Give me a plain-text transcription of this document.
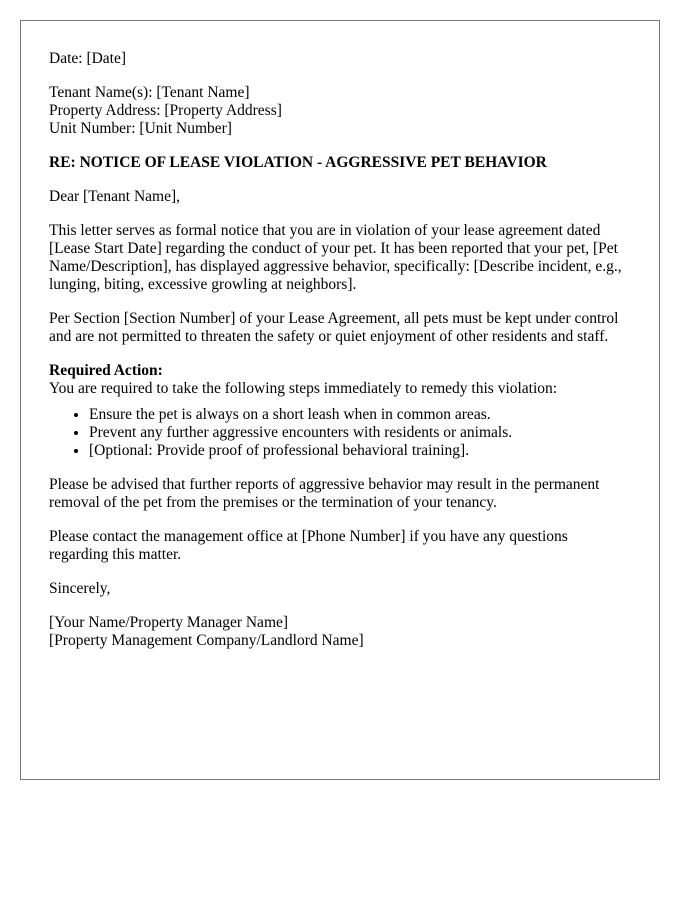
Date: [Date]

Tenant Name(s): [Tenant Name]

Property Address: [Property Address]

Unit Number: [Unit Number]

RE: NOTICE OF LEASE VIOLATION - AGGRESSIVE PET BEHAVIOR

Dear [Tenant Name],

This letter serves as formal notice that you are in violation of your lease agreement dated [Lease Start Date] regarding the conduct of your pet. It has been reported that your pet, [Pet Name/Description], has displayed aggressive behavior, specifically: [Describe incident, e.g., lunging, biting, excessive growling at neighbors].

Per Section [Section Number] of your Lease Agreement, all pets must be kept under control and are not permitted to threaten the safety or quiet enjoyment of other residents and staff.

Required Action:

You are required to take the following steps immediately to remedy this violation:

• Ensure the pet is always on a short leash when in common areas.
• Prevent any further aggressive encounters with residents or animals.
• [Optional: Provide proof of professional behavioral training].

Please be advised that further reports of aggressive behavior may result in the permanent removal of the pet from the premises or the termination of your tenancy.

Please contact the management office at [Phone Number] if you have any questions regarding this matter.

Sincerely,

[Your Name/Property Manager Name]

[Property Management Company/Landlord Name]
